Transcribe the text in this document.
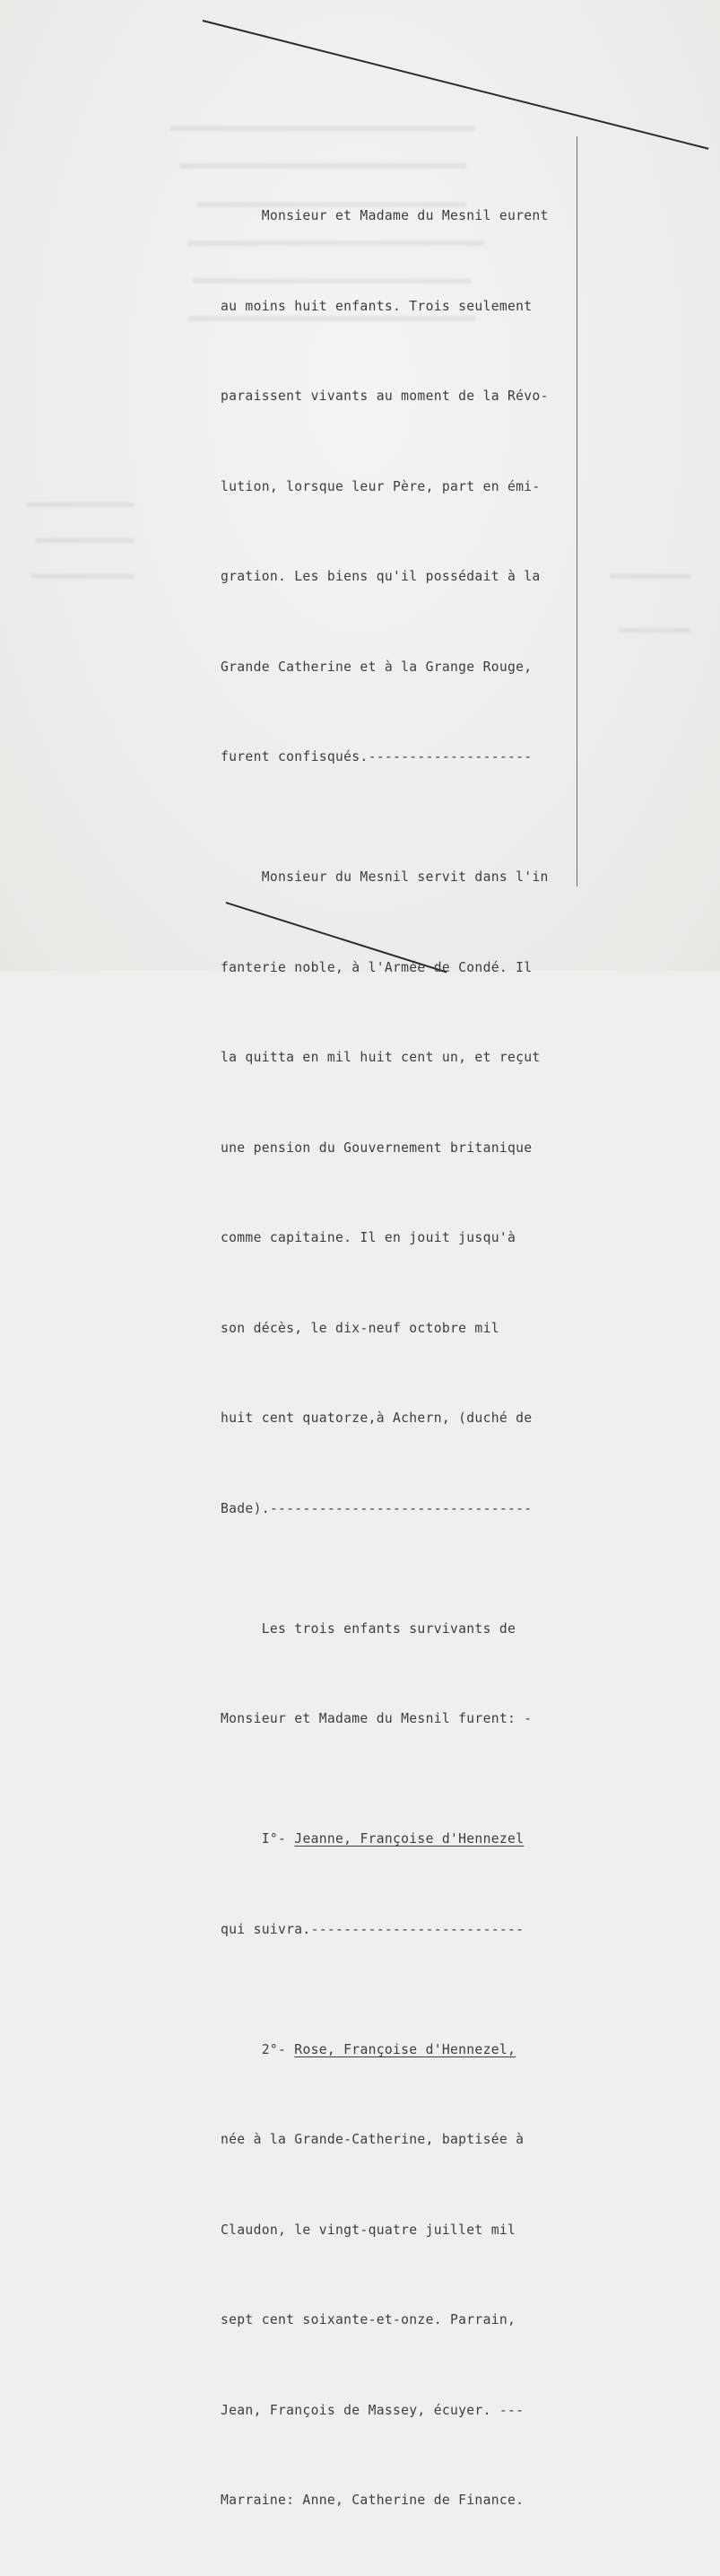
Monsieur et Madame du Mesnil eurent

au moins huit enfants. Trois seulement

paraissent vivants au moment de la Révo-

lution, lorsque leur Père, part en émi-

gration. Les biens qu'il possédait à la

Grande Catherine et à la Grange Rouge,

furent confisqués.--------------------

Monsieur du Mesnil servit dans l'in

fanterie noble, à l'Armée de Condé. Il

la quitta en mil huit cent un, et reçut

une pension du Gouvernement britanique

comme capitaine. Il en jouit jusqu'à

son décès, le dix-neuf octobre mil

huit cent quatorze,à Achern, (duché de

Bade).--------------------------------

Les trois enfants survivants de

Monsieur et Madame du Mesnil furent: -

I°- Jeanne, Françoise d'Hennezel

qui suivra.--------------------------

2°- Rose, Françoise d'Hennezel,

née à la Grande-Catherine, baptisée à

Claudon, le vingt-quatre juillet mil

sept cent soixante-et-onze. Parrain,

Jean, François de Massey, écuyer. ---

Marraine: Anne, Catherine de Finance.
